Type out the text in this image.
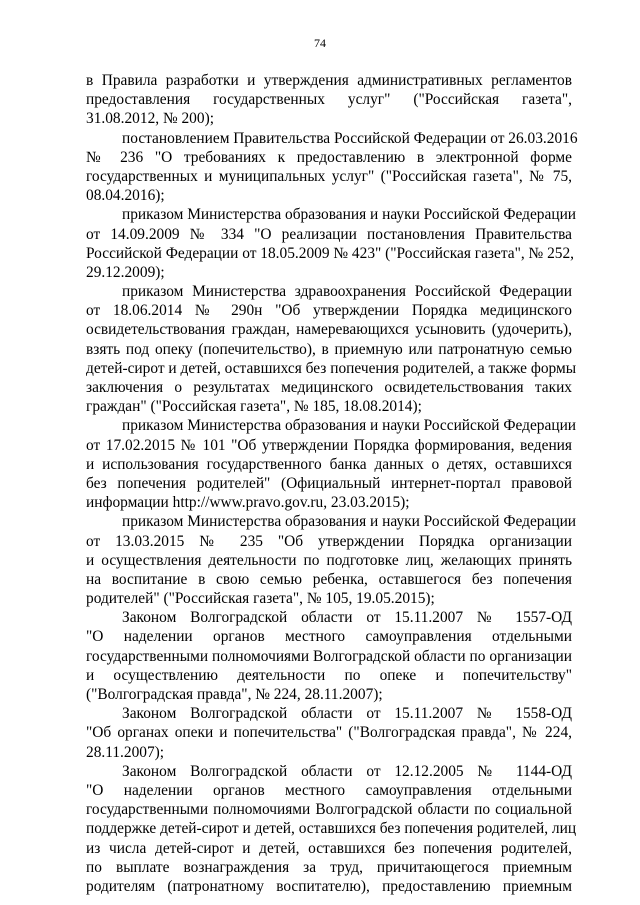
74

в Правила разработки и утверждения административных регламентов
предоставления государственных услуг" ("Российская газета",
31.08.2012, № 200);

постановлением Правительства Российской Федерации от 26.03.2016
№ 236 "О требованиях к предоставлению в электронной форме
государственных и муниципальных услуг" ("Российская газета", № 75,
08.04.2016);

приказом Министерства образования и науки Российской Федерации
от 14.09.2009 № 334 "О реализации постановления Правительства
Российской Федерации от 18.05.2009 № 423" ("Российская газета", № 252,
29.12.2009);

приказом Министерства здравоохранения Российской Федерации
от 18.06.2014 № 290н "Об утверждении Порядка медицинского
освидетельствования граждан, намеревающихся усыновить (удочерить),
взять под опеку (попечительство), в приемную или патронатную семью
детей-сирот и детей, оставшихся без попечения родителей, а также формы
заключения о результатах медицинского освидетельствования таких
граждан" ("Российская газета", № 185, 18.08.2014);

приказом Министерства образования и науки Российской Федерации
от 17.02.2015 № 101 "Об утверждении Порядка формирования, ведения
и использования государственного банка данных о детях, оставшихся
без попечения родителей" (Официальный интернет-портал правовой
информации http://www.pravo.gov.ru, 23.03.2015);

приказом Министерства образования и науки Российской Федерации
от 13.03.2015 № 235 "Об утверждении Порядка организации
и осуществления деятельности по подготовке лиц, желающих принять
на воспитание в свою семью ребенка, оставшегося без попечения
родителей" ("Российская газета", № 105, 19.05.2015);

Законом Волгоградской области от 15.11.2007 № 1557-ОД
"О наделении органов местного самоуправления отдельными
государственными полномочиями Волгоградской области по организации
и осуществлению деятельности по опеке и попечительству"
("Волгоградская правда", № 224, 28.11.2007);

Законом Волгоградской области от 15.11.2007 № 1558-ОД
"Об органах опеки и попечительства" ("Волгоградская правда", № 224,
28.11.2007);

Законом Волгоградской области от 12.12.2005 № 1144-ОД
"О наделении органов местного самоуправления отдельными
государственными полномочиями Волгоградской области по социальной
поддержке детей-сирот и детей, оставшихся без попечения родителей, лиц
из числа детей-сирот и детей, оставшихся без попечения родителей,
по выплате вознаграждения за труд, причитающегося приемным
родителям (патронатному воспитателю), предоставлению приемным
